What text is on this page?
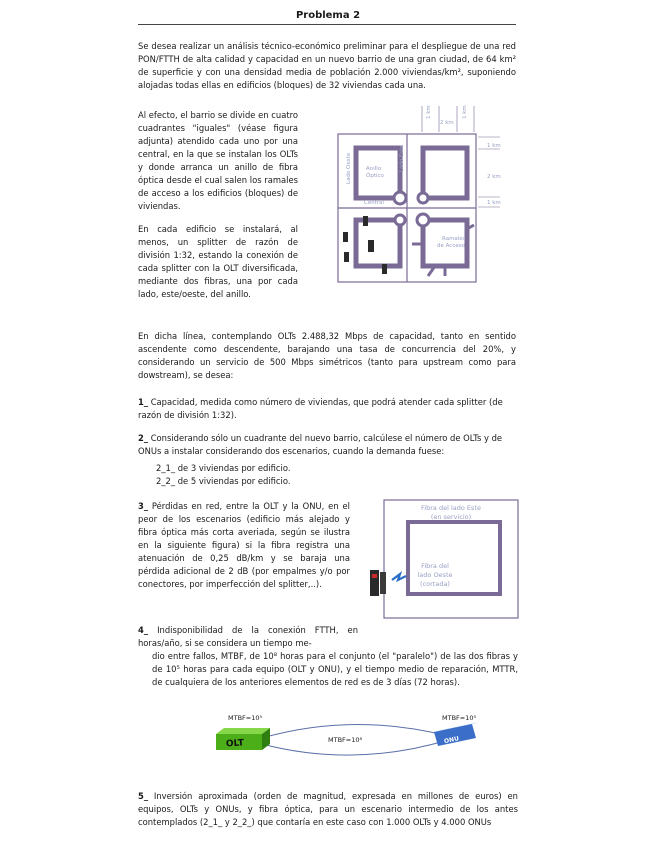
Problema 2
Se desea realizar un análisis técnico-económico preliminar para el despliegue de una red PON/FTTH de alta calidad y capacidad en un nuevo barrio de una gran ciudad, de 64 km² de superficie y con una densidad media de población 2.000 viviendas/km², suponiendo alojadas todas ellas en edificios (bloques) de 32 viviendas cada una.
Al efecto, el barrio se divide en cuatro cuadrantes "iguales" (véase figura adjunta) atendido cada uno por una central, en la que se instalan los OLTs y donde arranca un anillo de fibra óptica desde el cual salen los ramales de acceso a los edificios (bloques) de viviendas.
En cada edificio se instalará, al menos, un splitter de razón de división 1:32, estando la conexión de cada splitter con la OLT diversificada, mediante dos fibras, una por cada lado, este/oeste, del anillo.
1 km
2 km
1 km
1 km
2 km
1 km
Lado Oeste	Lado Este
Anillo
Óptico
Central
Ramales
de Acceso
En dicha línea, contemplando OLTs 2.488,32 Mbps de capacidad, tanto en sentido ascendente como descendente, barajando una tasa de concurrencia del 20%, y considerando un servicio de 500 Mbps simétricos (tanto para upstream como para dowstream), se desea:
1_ Capacidad, medida como número de viviendas, que podrá atender cada splitter (de razón de división 1:32).
2_ Considerando sólo un cuadrante del nuevo barrio, calcúlese el número de OLTs y de ONUs a instalar considerando dos escenarios, cuando la demanda fuese:
2_1_ de 3 viviendas por edificio.
2_2_ de 5 viviendas por edificio.
3_ Pérdidas en red, entre la OLT y la ONU, en el peor de los escenarios (edificio más alejado y fibra óptica más corta averiada, según se ilustra en la siguiente figura) si la fibra registra una atenuación de 0,25 dB/km y se baraja una pérdida adicional de 2 dB (por empalmes y/o por conectores, por imperfección del splitter,..).
Fibra del lado Este
(en servicio)
Fibra del
lado Oeste
(cortada)
4_ Indisponibilidad de la conexión FTTH, en horas/año, si se considera un tiempo me-
dio entre fallos, MTBF, de 10⁸ horas para el conjunto (el "paralelo") de las dos fibras y de 10⁵ horas para cada equipo (OLT y ONU), y el tiempo medio de reparación, MTTR, de cualquiera de los anteriores elementos de red es de 3 días (72 horas).
MTBF=10⁵	MTBF=10⁵
MTBF=10⁸
OLT	ONU
5_ Inversión aproximada (orden de magnitud, expresada en millones de euros) en equipos, OLTs y ONUs, y fibra óptica, para un escenario intermedio de los antes contemplados (2_1_ y 2_2_) que contaría en este caso con 1.000 OLTs y 4.000 ONUs
